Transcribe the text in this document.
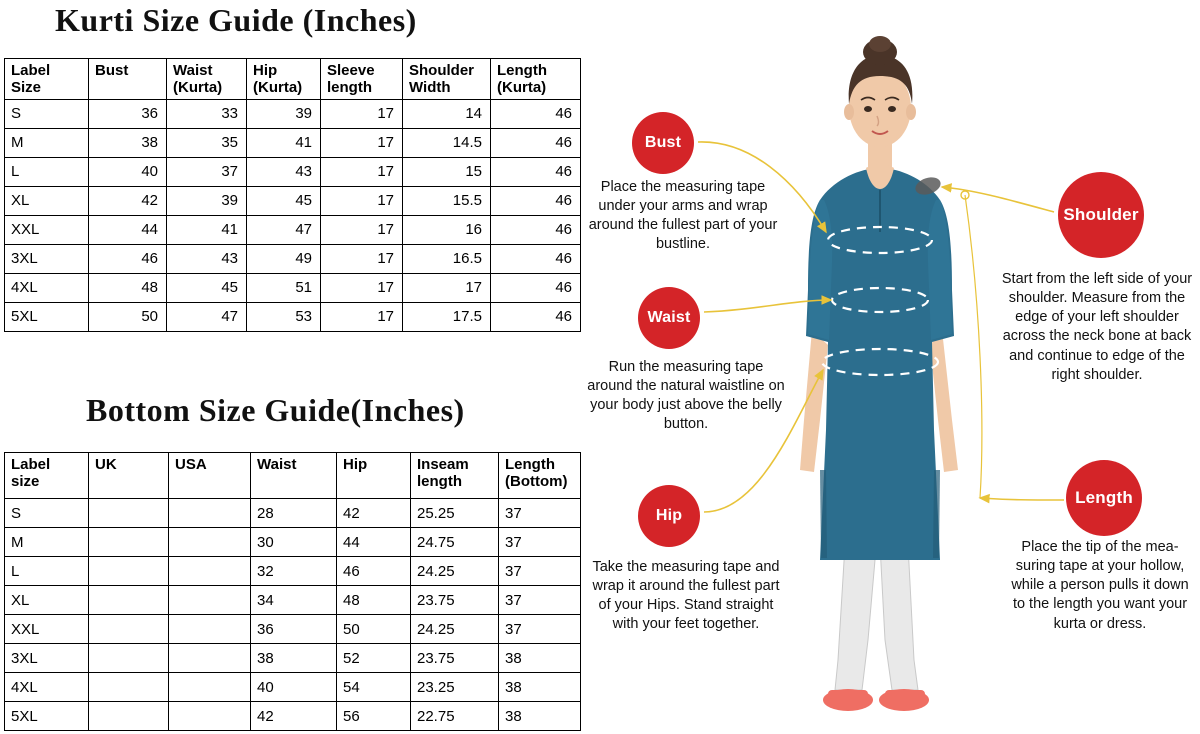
Kurti Size Guide (Inches)
Label Size	Bust	Waist (Kurta)	Hip (Kurta)	Sleeve length	Shoulder Width	Length (Kurta)
S	36	33	39	17	14	46
M	38	35	41	17	14.5	46
L	40	37	43	17	15	46
XL	42	39	45	17	15.5	46
XXL	44	41	47	17	16	46
3XL	46	43	49	17	16.5	46
4XL	48	45	51	17	17	46
5XL	50	47	53	17	17.5	46
Bottom Size Guide(Inches)
Label size	UK	USA	Waist	Hip	Inseam length	Length (Bottom)
S			28	42	25.25	37
M			30	44	24.75	37
L			32	46	24.25	37
XL			34	48	23.75	37
XXL			36	50	24.25	37
3XL			38	52	23.75	38
4XL			40	54	23.25	38
5XL			42	56	22.75	38
Bust
Waist
Hip
Shoulder
Length
Place the measuring tape under your arms and wrap around the fullest part of your bustline.
Run the measuring tape around the natural waistline on your body just above the belly button.
Take the measuring tape and wrap it around the fullest part of your Hips. Stand straight with your feet together.
Start from the left side of your shoulder. Measure from the edge of your left shoulder across the neck bone at back and continue to edge of the right shoulder.
Place the tip of the mea-suring tape at your hollow, while a person pulls it down to the length you want your kurta or dress.
